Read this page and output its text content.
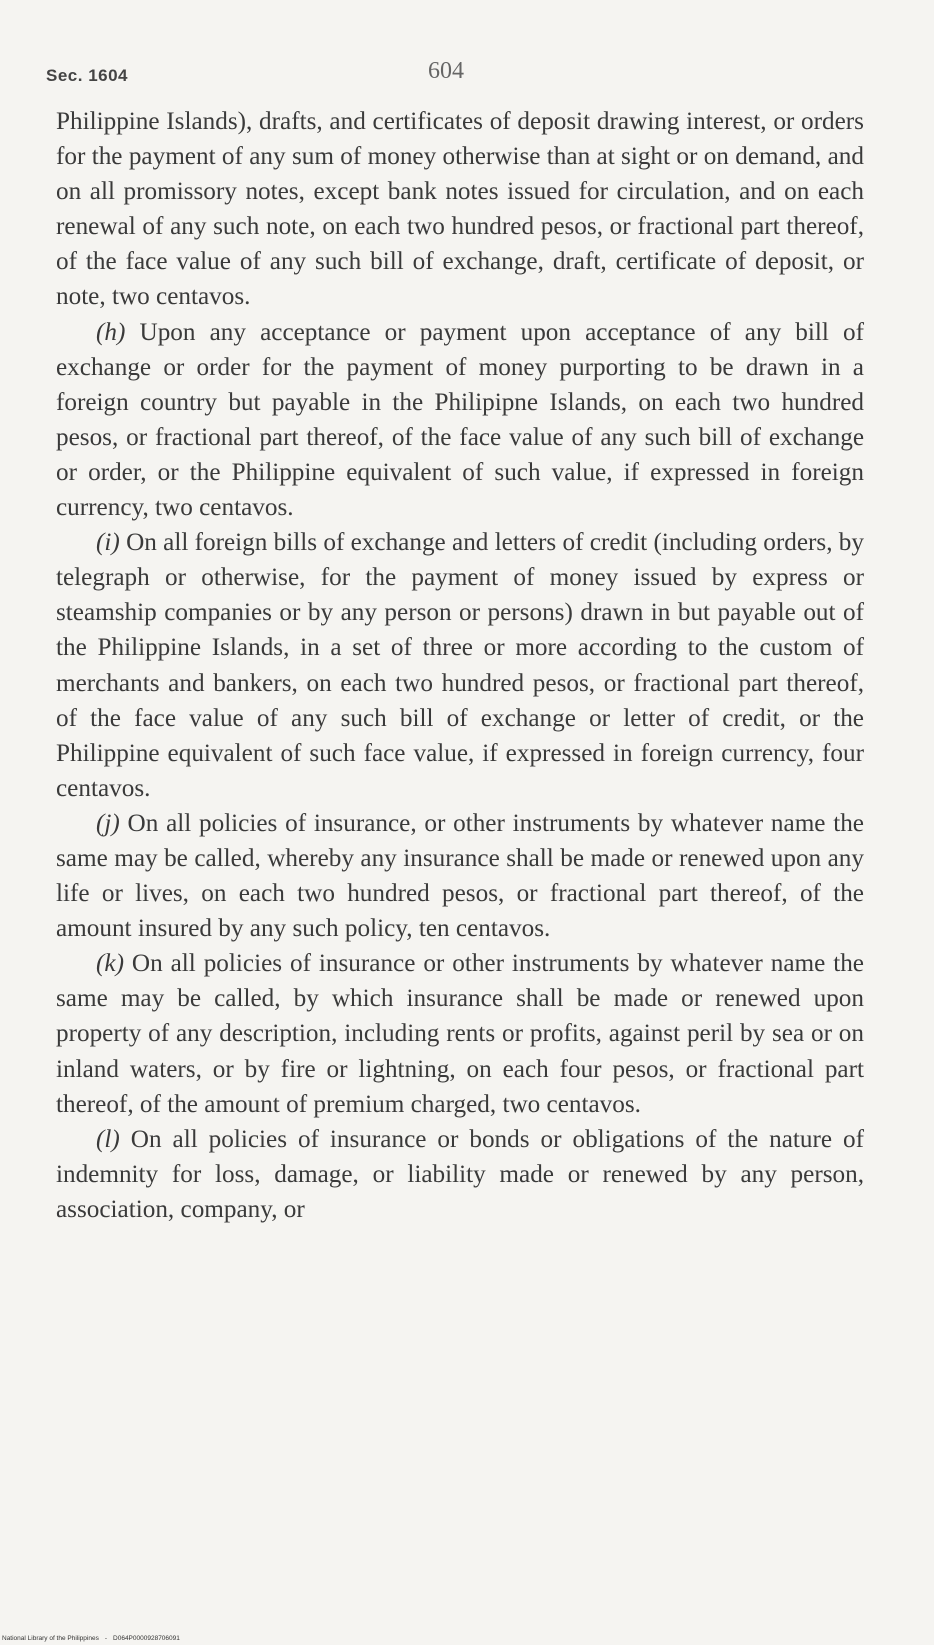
Sec. 1604	604

Philippine Islands), drafts, and certificates of deposit drawing interest, or orders for the payment of any sum of money otherwise than at sight or on demand, and on all promissory notes, except bank notes issued for circulation, and on each renewal of any such note, on each two hundred pesos, or fractional part thereof, of the face value of any such bill of exchange, draft, certificate of deposit, or note, two centavos.

(h) Upon any acceptance or payment upon acceptance of any bill of exchange or order for the payment of money purporting to be drawn in a foreign country but payable in the Philipipne Islands, on each two hundred pesos, or fractional part thereof, of the face value of any such bill of exchange or order, or the Philippine equivalent of such value, if expressed in foreign currency, two centavos.

(i) On all foreign bills of exchange and letters of credit (including orders, by telegraph or otherwise, for the payment of money issued by express or steamship companies or by any person or persons) drawn in but payable out of the Philippine Islands, in a set of three or more according to the custom of merchants and bankers, on each two hundred pesos, or fractional part thereof, of the face value of any such bill of exchange or letter of credit, or the Philippine equivalent of such face value, if expressed in foreign currency, four centavos.

(j) On all policies of insurance, or other instruments by whatever name the same may be called, whereby any insurance shall be made or renewed upon any life or lives, on each two hundred pesos, or fractional part thereof, of the amount insured by any such policy, ten centavos.

(k) On all policies of insurance or other instruments by whatever name the same may be called, by which insurance shall be made or renewed upon property of any description, including rents or profits, against peril by sea or on inland waters, or by fire or lightning, on each four pesos, or fractional part thereof, of the amount of premium charged, two centavos.

(l) On all policies of insurance or bonds or obligations of the nature of indemnity for loss, damage, or liability made or renewed by any person, association, company, or

National Library of the Philippines - D064P0000928706091
